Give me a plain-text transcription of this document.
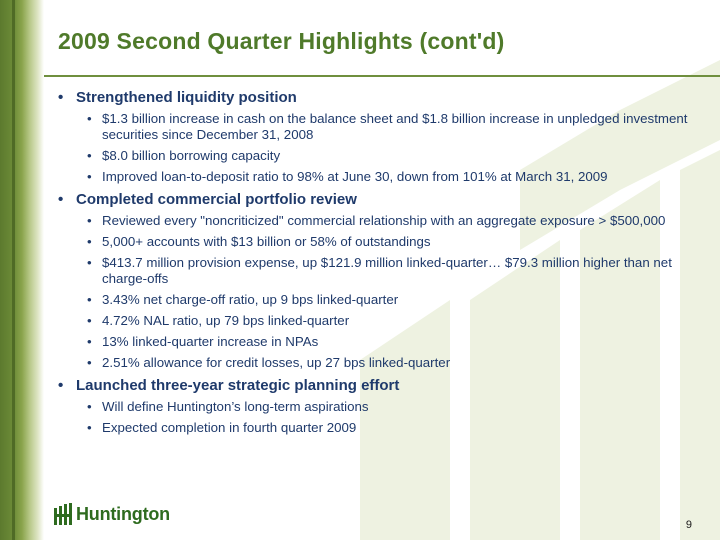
2009 Second Quarter Highlights (cont'd)
• Strengthened liquidity position
• $1.3 billion increase in cash on the balance sheet and $1.8 billion increase in unpledged investment securities since December 31, 2008
• $8.0 billion borrowing capacity
• Improved loan-to-deposit ratio to 98% at June 30, down from 101% at March 31, 2009
• Completed commercial portfolio review
• Reviewed every "noncriticized" commercial relationship with an aggregate exposure > $500,000
• 5,000+ accounts with $13 billion or 58% of outstandings
• $413.7 million provision expense, up $121.9 million linked-quarter… $79.3 million higher than net charge-offs
• 3.43% net charge-off ratio, up 9 bps linked-quarter
• 4.72% NAL ratio, up 79 bps linked-quarter
• 13% linked-quarter increase in NPAs
• 2.51% allowance for credit losses, up 27 bps linked-quarter
• Launched three-year strategic planning effort
• Will define Huntington’s long-term aspirations
• Expected completion in fourth quarter 2009
Huntington
9
